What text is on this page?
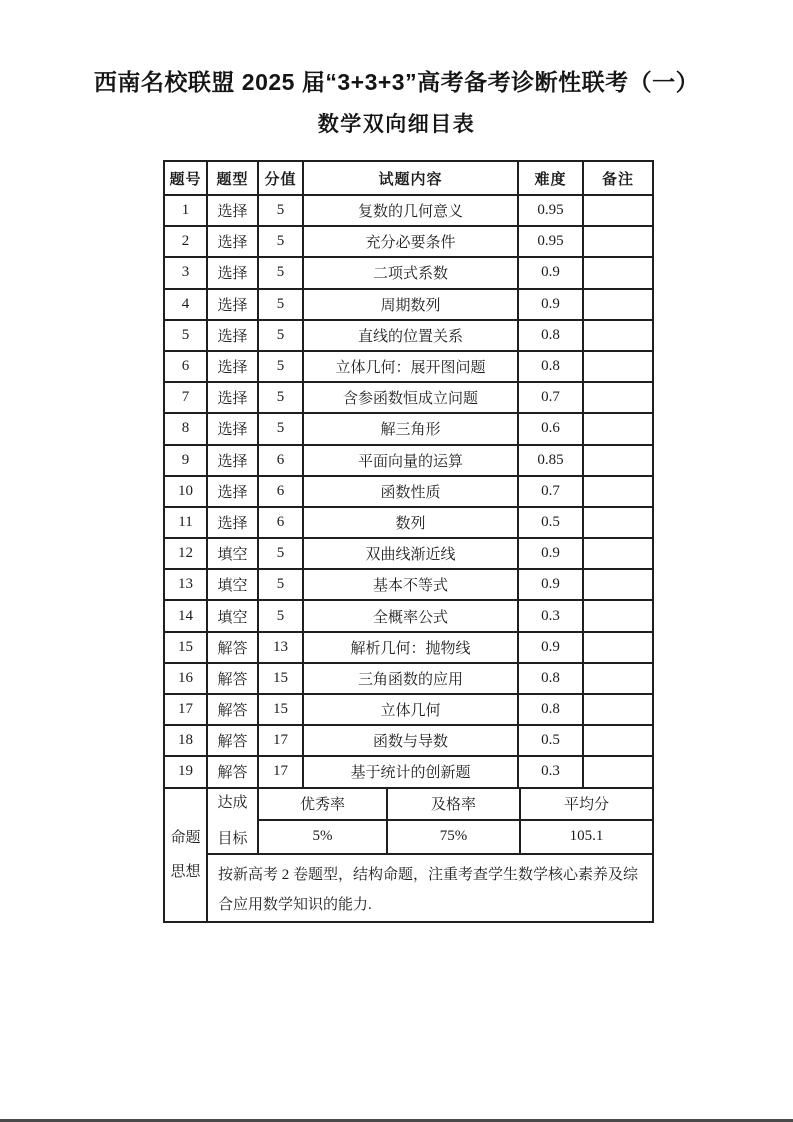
西南名校联盟 2025 届“3+3+3”高考备考诊断性联考（一）
数学双向细目表
题号	题型	分值	试题内容	难度	备注
1	选择	5	复数的几何意义	0.95	
2	选择	5	充分必要条件	0.95	
3	选择	5	二项式系数	0.9	
4	选择	5	周期数列	0.9	
5	选择	5	直线的位置关系	0.8	
6	选择	5	立体几何：展开图问题	0.8	
7	选择	5	含参函数恒成立问题	0.7	
8	选择	5	解三角形	0.6	
9	选择	6	平面向量的运算	0.85	
10	选择	6	函数性质	0.7	
11	选择	6	数列	0.5	
12	填空	5	双曲线渐近线	0.9	
13	填空	5	基本不等式	0.9	
14	填空	5	全概率公式	0.3	
15	解答	13	解析几何：抛物线	0.9	
16	解答	15	三角函数的应用	0.8	
17	解答	15	立体几何	0.8	
18	解答	17	函数与导数	0.5	
19	解答	17	基于统计的创新题	0.3	
命题
思想
达成
目标
优秀率	及格率	平均分
5%	75%	105.1
按新高考 2 卷题型，结构命题，注重考查学生数学核心素养及综合应用数学知识的能力.
